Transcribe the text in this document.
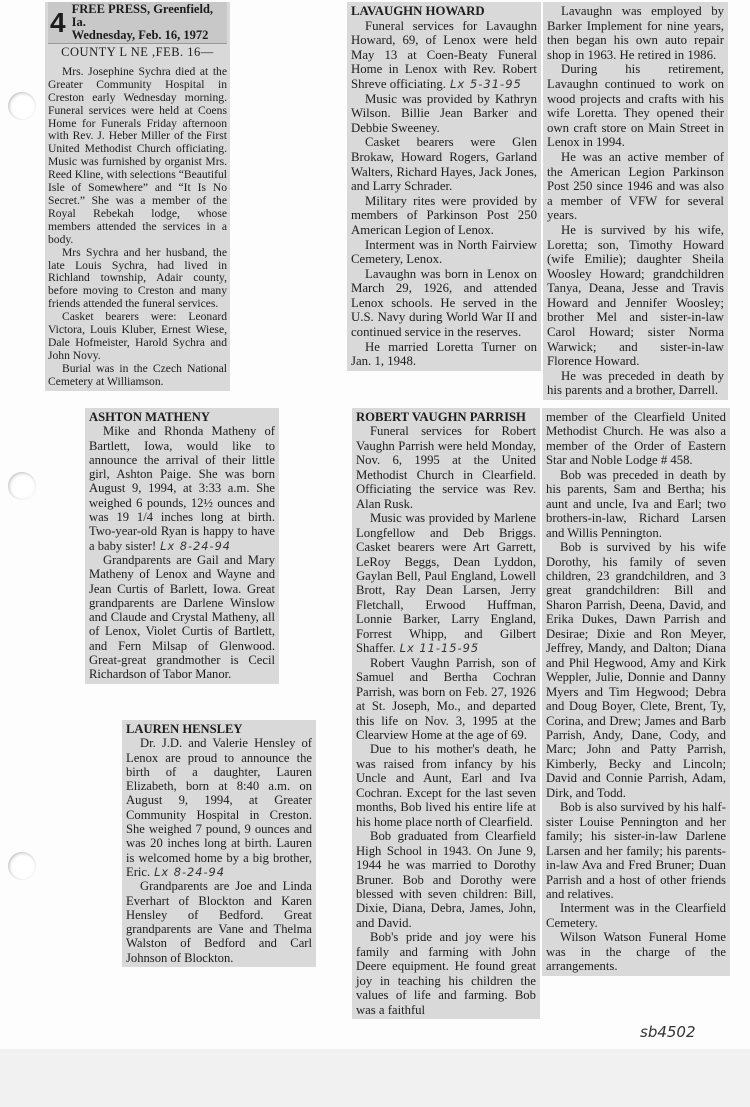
4 FREE PRESS, Greenfield, Ia.
Wednesday, Feb. 16, 1972
COUNTY L NE ,FEB. 16—

Mrs. Josephine Sychra died at the Greater Community Hospital in Creston early Wednesday morning. Funeral services were held at Coens Home for Funerals Friday afternoon with Rev. J. Heber Miller of the First United Methodist Church officiating. Music was furnished by organist Mrs. Reed Kline, with selections “Beautiful Isle of Somewhere” and “It Is No Secret.” She was a member of the Royal Rebekah lodge, whose members attended the services in a body.

Mrs Sychra and her husband, the late Louis Sychra, had lived in Richland township, Adair county, before moving to Creston and many friends attended the funeral services.

Casket bearers were: Leonard Victora, Louis Kluber, Ernest Wiese, Dale Hofmeister, Harold Sychra and John Novy.

Burial was in the Czech National Cemetery at Williamson.

ASHTON MATHENY

Mike and Rhonda Matheny of Bartlett, Iowa, would like to announce the arrival of their little girl, Ashton Paige. She was born August 9, 1994, at 3:33 a.m. She weighed 6 pounds, 12½ ounces and was 19 1/4 inches long at birth. Two-year-old Ryan is happy to have a baby sister! Lx 8-24-94

Grandparents are Gail and Mary Matheny of Lenox and Wayne and Jean Curtis of Barlett, Iowa. Great grandparents are Darlene Winslow and Claude and Crystal Matheny, all of Lenox, Violet Curtis of Bartlett, and Fern Milsap of Glenwood. Great-great grandmother is Cecil Richardson of Tabor Manor.

LAUREN HENSLEY

Dr. J.D. and Valerie Hensley of Lenox are proud to announce the birth of a daughter, Lauren Elizabeth, born at 8:40 a.m. on August 9, 1994, at Greater Community Hospital in Creston. She weighed 7 pound, 9 ounces and was 20 inches long at birth. Lauren is welcomed home by a big brother, Eric. Lx 8-24-94

Grandparents are Joe and Linda Everhart of Blockton and Karen Hensley of Bedford. Great grandparents are Vane and Thelma Walston of Bedford and Carl Johnson of Blockton.

LAVAUGHN HOWARD

Funeral services for Lavaughn Howard, 69, of Lenox were held May 13 at Coen-Beaty Funeral Home in Lenox with Rev. Robert Shreve officiating. Lx 5-31-95

Music was provided by Kathryn Wilson. Billie Jean Barker and Debbie Sweeney.

Casket bearers were Glen Brokaw, Howard Rogers, Garland Walters, Richard Hayes, Jack Jones, and Larry Schrader.

Military rites were provided by members of Parkinson Post 250 American Legion of Lenox.

Interment was in North Fairview Cemetery, Lenox.

Lavaughn was born in Lenox on March 29, 1926, and attended Lenox schools. He served in the U.S. Navy during World War II and continued service in the reserves.

He married Loretta Turner on Jan. 1, 1948.

Lavaughn was employed by Barker Implement for nine years, then began his own auto repair shop in 1963. He retired in 1986.

During his retirement, Lavaughn continued to work on wood projects and crafts with his wife Loretta. They opened their own craft store on Main Street in Lenox in 1994.

He was an active member of the American Legion Parkinson Post 250 since 1946 and was also a member of VFW for several years.

He is survived by his wife, Loretta; son, Timothy Howard (wife Emilie); daughter Sheila Woosley Howard; grandchildren Tanya, Deana, Jesse and Travis Howard and Jennifer Woosley; brother Mel and sister-in-law Carol Howard; sister Norma Warwick; and sister-in-law Florence Howard.

He was preceded in death by his parents and a brother, Darrell.

ROBERT VAUGHN PARRISH

Funeral services for Robert Vaughn Parrish were held Monday, Nov. 6, 1995 at the United Methodist Church in Clearfield. Officiating the service was Rev. Alan Rusk.

Music was provided by Marlene Longfellow and Deb Briggs. Casket bearers were Art Garrett, LeRoy Beggs, Dean Lyddon, Gaylan Bell, Paul England, Lowell Brott, Ray Dean Larsen, Jerry Fletchall, Erwood Huffman, Lonnie Barker, Larry England, Forrest Whipp, and Gilbert Shaffer. Lx 11-15-95

Robert Vaughn Parrish, son of Samuel and Bertha Cochran Parrish, was born on Feb. 27, 1926 at St. Joseph, Mo., and departed this life on Nov. 3, 1995 at the Clearview Home at the age of 69.

Due to his mother's death, he was raised from infancy by his Uncle and Aunt, Earl and Iva Cochran. Except for the last seven months, Bob lived his entire life at his home place north of Clearfield.

Bob graduated from Clearfield High School in 1943. On June 9, 1944 he was married to Dorothy Bruner. Bob and Dorothy were blessed with seven children: Bill, Dixie, Diana, Debra, James, John, and David.

Bob's pride and joy were his family and farming with John Deere equipment. He found great joy in teaching his children the values of life and farming. Bob was a faithful

member of the Clearfield United Methodist Church. He was also a member of the Order of Eastern Star and Noble Lodge # 458.

Bob was preceded in death by his parents, Sam and Bertha; his aunt and uncle, Iva and Earl; two brothers-in-law, Richard Larsen and Willis Pennington.

Bob is survived by his wife Dorothy, his family of seven children, 23 grandchildren, and 3 great grandchildren: Bill and Sharon Parrish, Deena, David, and Erika Dukes, Dawn Parrish and Desirae; Dixie and Ron Meyer, Jeffrey, Mandy, and Dalton; Diana and Phil Hegwood, Amy and Kirk Weppler, Julie, Donnie and Danny Myers and Tim Hegwood; Debra and Doug Boyer, Clete, Brent, Ty, Corina, and Drew; James and Barb Parrish, Andy, Dane, Cody, and Marc; John and Patty Parrish, Kimberly, Becky and Lincoln; David and Connie Parrish, Adam, Dirk, and Todd.

Bob is also survived by his half-sister Louise Pennington and her family; his sister-in-law Darlene Larsen and her family; his parents-in-law Ava and Fred Bruner; Duan Parrish and a host of other friends and relatives.

Interment was in the Clearfield Cemetery.

Wilson Watson Funeral Home was in the charge of the arrangements.

sb4502
